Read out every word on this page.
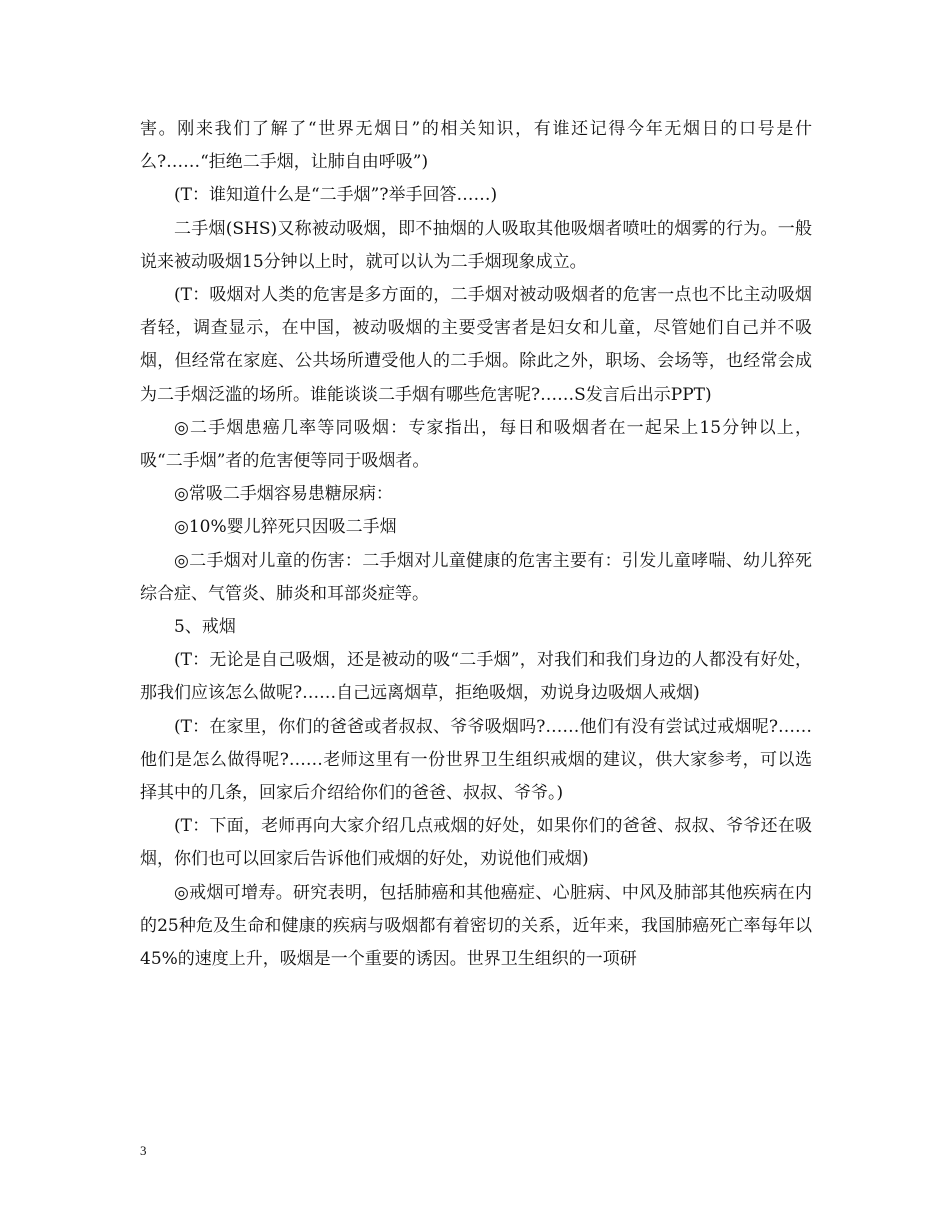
害。刚来我们了解了“世界无烟日”的相关知识，有谁还记得今年无烟日的口号是什么?……“拒绝二手烟，让肺自由呼吸”)

(T：谁知道什么是“二手烟”?举手回答……)

二手烟(SHS)又称被动吸烟，即不抽烟的人吸取其他吸烟者喷吐的烟雾的行为。一般说来被动吸烟15分钟以上时，就可以认为二手烟现象成立。

(T：吸烟对人类的危害是多方面的，二手烟对被动吸烟者的危害一点也不比主动吸烟者轻，调查显示，在中国，被动吸烟的主要受害者是妇女和儿童，尽管她们自己并不吸烟，但经常在家庭、公共场所遭受他人的二手烟。除此之外，职场、会场等，也经常会成为二手烟泛滥的场所。谁能谈谈二手烟有哪些危害呢?……S发言后出示PPT)

◎二手烟患癌几率等同吸烟：专家指出，每日和吸烟者在一起呆上15分钟以上，吸“二手烟”者的危害便等同于吸烟者。

◎常吸二手烟容易患糖尿病：

◎10%婴儿猝死只因吸二手烟

◎二手烟对儿童的伤害：二手烟对儿童健康的危害主要有：引发儿童哮喘、幼儿猝死综合症、气管炎、肺炎和耳部炎症等。

5、戒烟

(T：无论是自己吸烟，还是被动的吸“二手烟”，对我们和我们身边的人都没有好处，那我们应该怎么做呢?……自己远离烟草，拒绝吸烟，劝说身边吸烟人戒烟)

(T：在家里，你们的爸爸或者叔叔、爷爷吸烟吗?……他们有没有尝试过戒烟呢?……他们是怎么做得呢?……老师这里有一份世界卫生组织戒烟的建议，供大家参考，可以选择其中的几条，回家后介绍给你们的爸爸、叔叔、爷爷。)

(T：下面，老师再向大家介绍几点戒烟的好处，如果你们的爸爸、叔叔、爷爷还在吸烟，你们也可以回家后告诉他们戒烟的好处，劝说他们戒烟)

◎戒烟可增寿。研究表明，包括肺癌和其他癌症、心脏病、中风及肺部其他疾病在内的25种危及生命和健康的疾病与吸烟都有着密切的关系，近年来，我国肺癌死亡率每年以45%的速度上升，吸烟是一个重要的诱因。世界卫生组织的一项研

3
